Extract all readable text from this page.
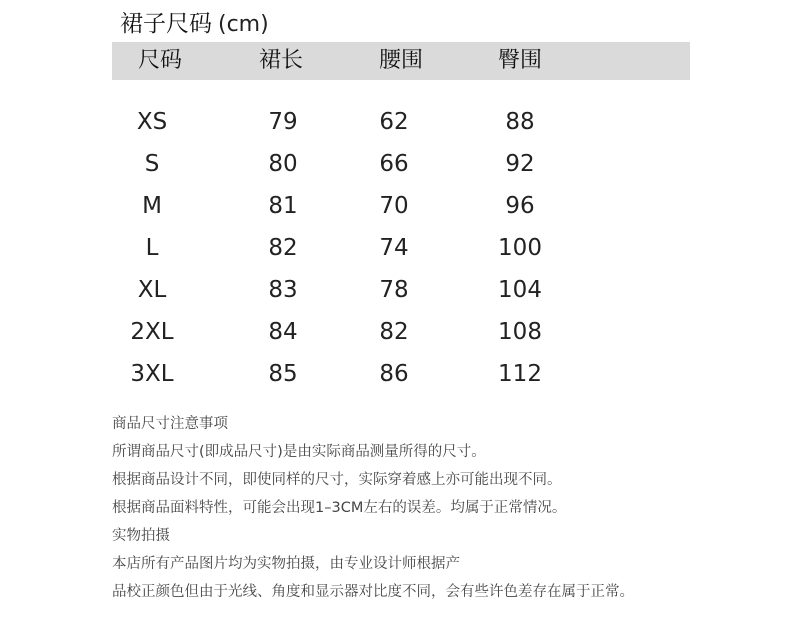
裙子尺码 (cm)
尺码	裙长	腰围	臀围
XS	79	62	88
S	80	66	92
M	81	70	96
L	82	74	100
XL	83	78	104
2XL	84	82	108
3XL	85	86	112
商品尺寸注意事项
所谓商品尺寸(即成品尺寸)是由实际商品测量所得的尺寸。
根据商品设计不同，即使同样的尺寸，实际穿着感上亦可能出现不同。
根据商品面料特性，可能会出现1–3CM左右的误差。均属于正常情况。
实物拍摄
本店所有产品图片均为实物拍摄，由专业设计师根据产
品校正颜色但由于光线、角度和显示器对比度不同，会有些许色差存在属于正常。
